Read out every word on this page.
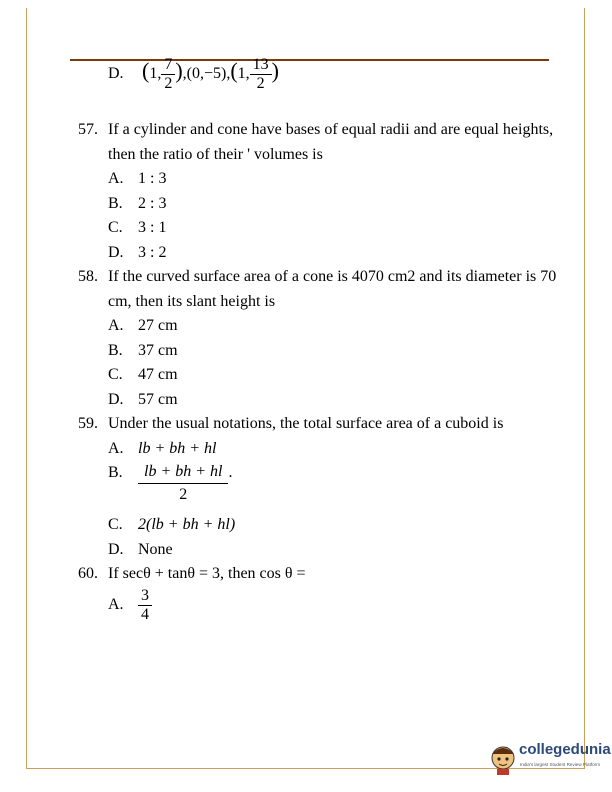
D. (1, $\frac{7}{2} ),(0,-5),(1$, $\frac{13}{2}$ )
57. If a cylinder and cone have bases of equal radii and are equal heights, then the ratio of their ' volumes is
A. 1 : 3
B. 2 : 3
C. 3 : 1
D. 3 : 2
58. If the curved surface area of a cone is 4070 cm2 and its diameter is 70 cm, then its slant height is
A. 27 cm
B. 37 cm
C. 47 cm
D. 57 cm
59. Under the usual notations, the total surface area of a cuboid is
A. lb + bh + hl
B. $\frac{lb + bh + hl}{2}$ .
C. 2(lb + bh + hl)
D. None
60. If secθ + tanθ = 3, then cos θ =
A. $\frac{3}{4}$
collegedunia
India's largest Student Review Platform
